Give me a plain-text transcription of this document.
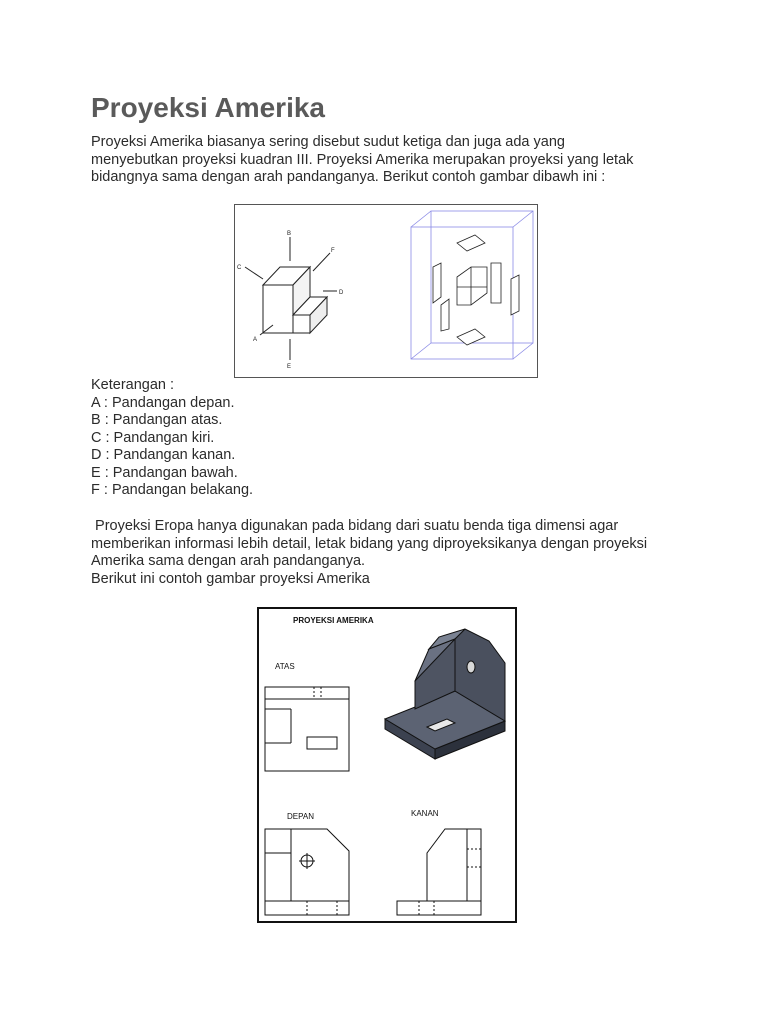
Proyeksi Amerika

Proyeksi Amerika biasanya sering disebut sudut ketiga dan juga ada yang
menyebutkan proyeksi kuadran III. Proyeksi Amerika merupakan proyeksi yang letak
bidangnya sama dengan arah pandanganya. Berikut contoh gambar dibawh ini :

B
F
C
D
A
E

Keterangan :
A : Pandangan depan.
B : Pandangan atas.
C : Pandangan kiri.
D : Pandangan kanan.
E : Pandangan bawah.
F : Pandangan belakang.

Proyeksi Eropa hanya digunakan pada bidang dari suatu benda tiga dimensi agar
memberikan informasi lebih detail, letak bidang yang diproyeksikanya dengan proyeksi
Amerika sama dengan arah pandanganya.
Berikut ini contoh gambar proyeksi Amerika

PROYEKSI AMERIKA
ATAS
DEPAN	KANAN
